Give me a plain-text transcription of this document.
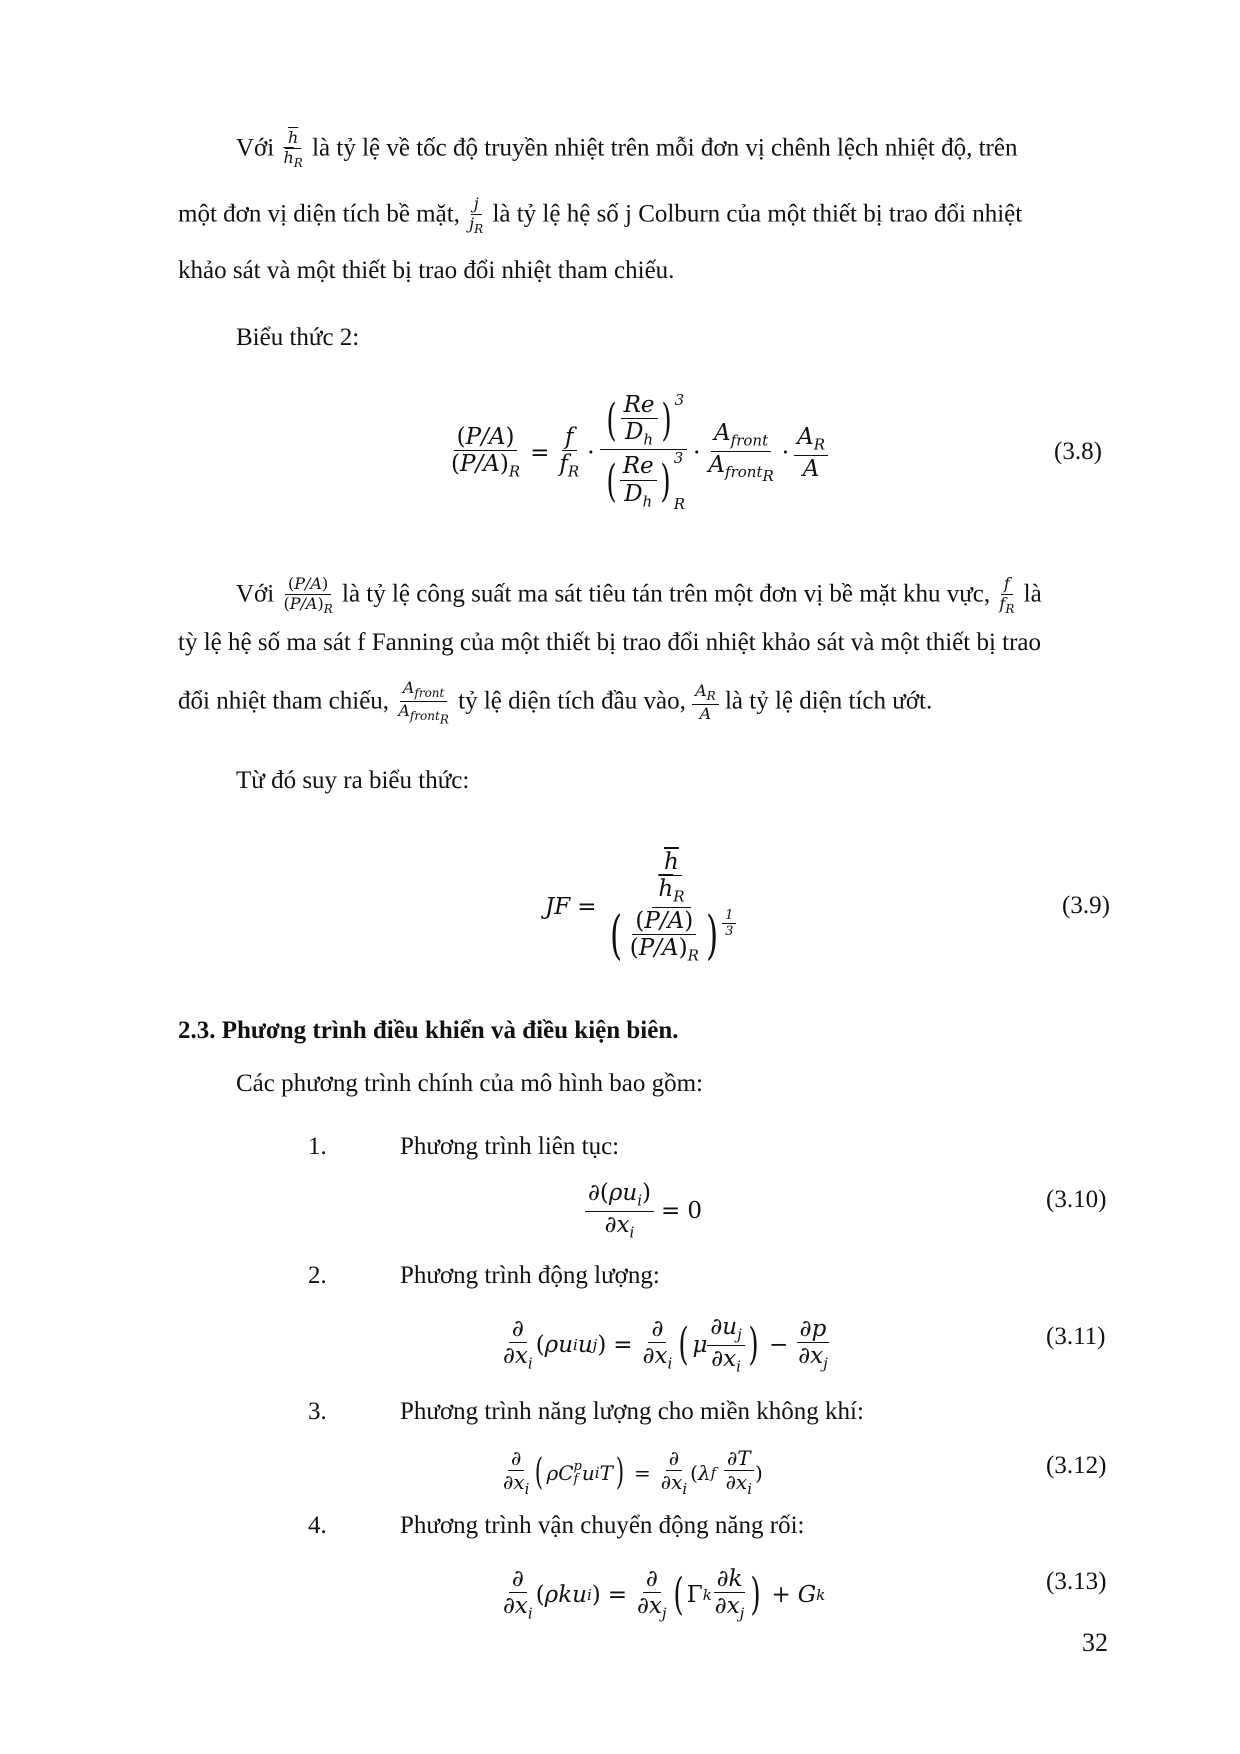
Với $\frac{\overline{h}}{\overline{h}_R}$ là tỷ lệ về tốc độ truyền nhiệt trên mỗi đơn vị chênh lệch nhiệt độ, trên
một đơn vị diện tích bề mặt, $\frac{j}{j_R}$ là tỷ lệ hệ số j Colburn của một thiết bị trao đổi nhiệt
khảo sát và một thiết bị trao đổi nhiệt tham chiếu.
Biểu thức 2:
$\frac{(P/A)}{(P/A)_R} = \frac{f}{f_R}$ · ( $\frac{Re}{D_h} )^3$
( $\frac{Re}{D_h}$ ) 3
$R \cdot \frac{A_{front}}{A_{front_R}} \cdot \frac{A_R}{A}$	(3.8)
Với $\frac{(P/A)}{(P/A)_R}$ là tỷ lệ công suất ma sát tiêu tán trên một đơn vị bề mặt khu vực, $\frac{f}{f_R}$ là
tỳ lệ hệ số ma sát f Fanning của một thiết bị trao đổi nhiệt khảo sát và một thiết bị trao
đổi nhiệt tham chiếu, $\frac{A_{front}}{A_{front_R}}$ tỷ lệ diện tích đầu vào, $\frac{A_R}{A}$ là tỷ lệ diện tích ướt.
Từ đó suy ra biểu thức:
JF = $\frac{\frac{\overline{h}}{\overline{h}_R}}{( \frac{(P/A)}{(P/A)_R} ) \frac{1}{3}}$	(3.9)
2.3. Phương trình điều khiển và điều kiện biên.
Các phương trình chính của mô hình bao gồm:
1.	Phương trình liên tục:
$\frac{\partial(\rho u_i)}{\partial x_i} = 0$	(3.10)
2.	Phương trình động lượng:
$\frac{\partial}{\partial x_i}$ ( ρu i u j ) = $\frac{\partial}{\partial x_i}$ ( μ $\frac{\partial u_j}{\partial x_i}$ ) − $\frac{\partial p}{\partial x_j}$	(3.11)
3.	Phương trình năng lượng cho miền không khí:
$\frac{\partial}{\partial x_i}$ ( ρC p
f u i T ) = $\frac{\partial}{\partial x_i}$ ( λ f
$\frac{\partial T}{\partial x_i}$ )	(3.12)
4.	Phương trình vận chuyển động năng rối:
$\frac{\partial}{\partial x_i}$ ( ρku i ) = $\frac{\partial}{\partial x_j}$ ( Γ k $\frac{\partial k}{\partial x_j}$ ) + G k	(3.13)
32
